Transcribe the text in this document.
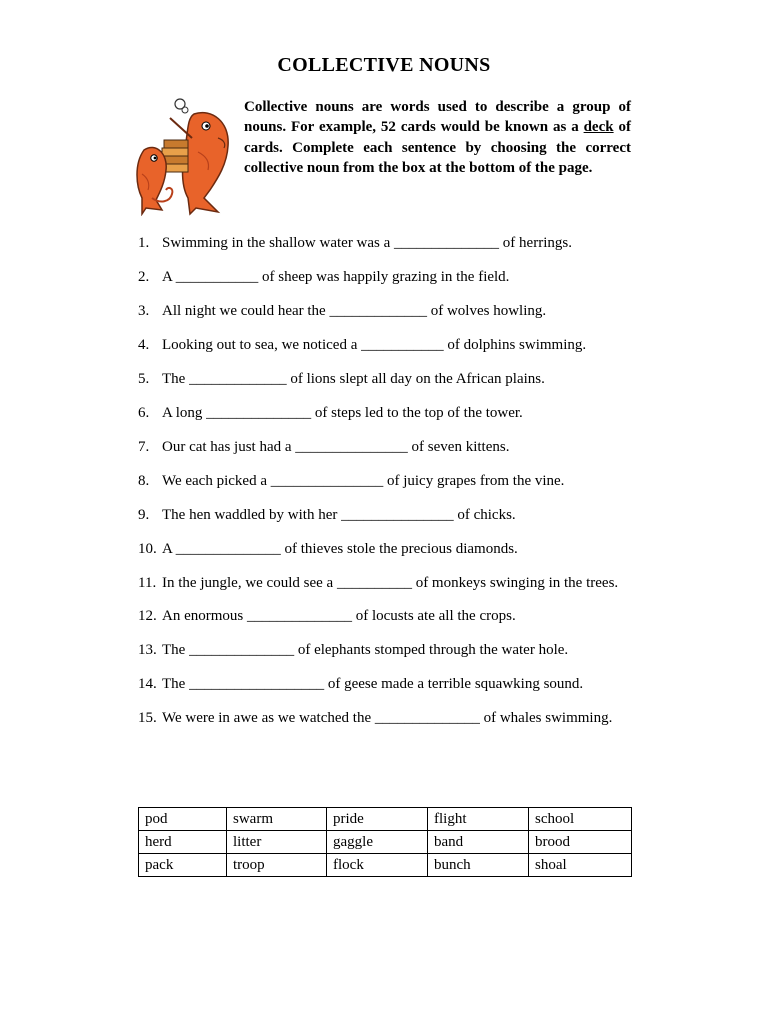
COLLECTIVE NOUNS

Collective nouns are words used to describe a group of nouns. For example, 52 cards would be known as a deck of cards. Complete each sentence by choosing the correct collective noun from the box at the bottom of the page.

1. Swimming in the shallow water was a ______________ of herrings.
2. A ___________ of sheep was happily grazing in the field.
3. All night we could hear the _____________ of wolves howling.
4. Looking out to sea, we noticed a ___________ of dolphins swimming.
5. The _____________ of lions slept all day on the African plains.
6. A long ______________ of steps led to the top of the tower.
7. Our cat has just had a _______________ of seven kittens.
8. We each picked a _______________ of juicy grapes from the vine.
9. The hen waddled by with her _______________ of chicks.
10. A ______________ of thieves stole the precious diamonds.
11. In the jungle, we could see a __________ of monkeys swinging in the trees.
12. An enormous ______________ of locusts ate all the crops.
13. The ______________ of elephants stomped through the water hole.
14. The __________________ of geese made a terrible squawking sound.
15. We were in awe as we watched the ______________ of whales swimming.
pod	swarm	pride	flight	school
herd	litter	gaggle	band	brood
pack	troop	flock	bunch	shoal
